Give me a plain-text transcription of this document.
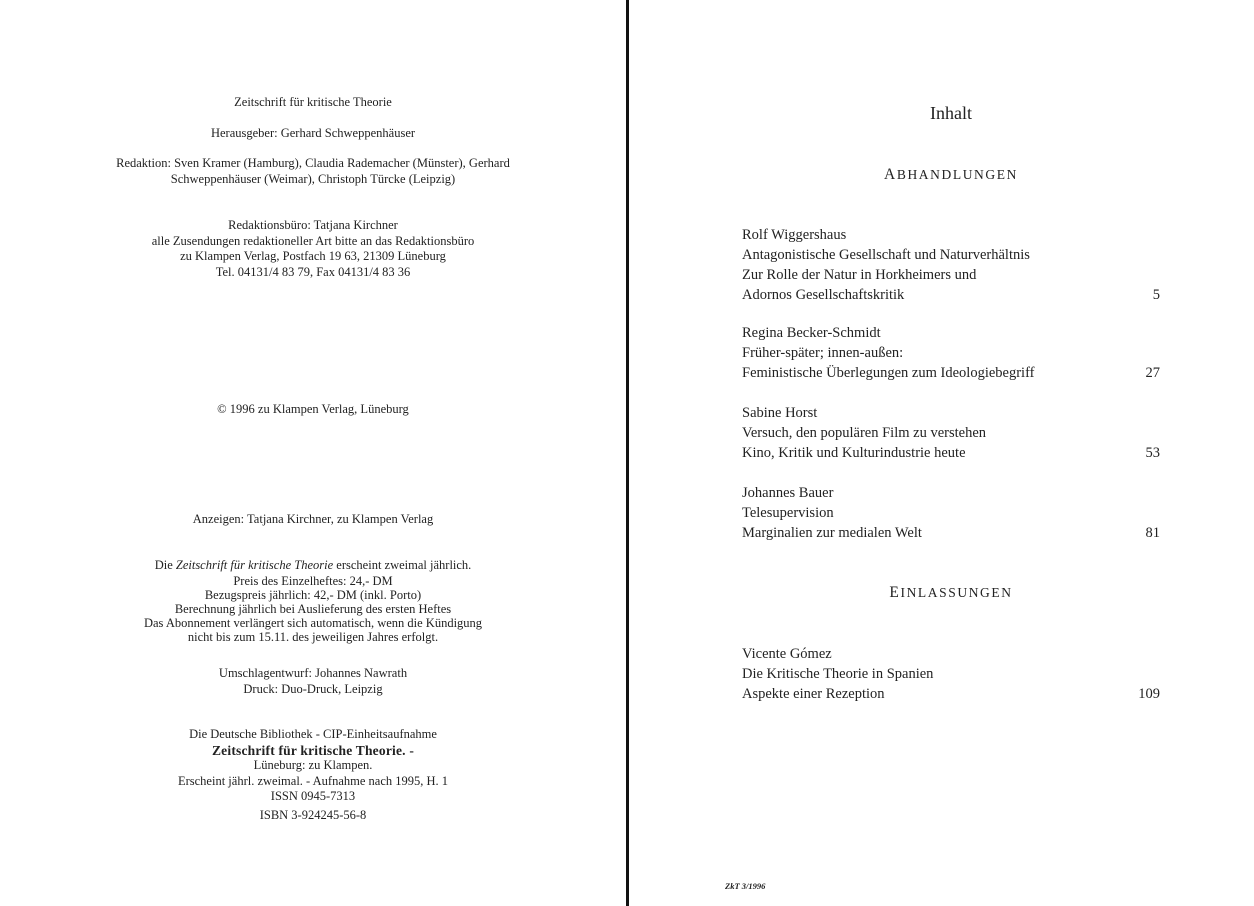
Zeitschrift für kritische Theorie
Herausgeber: Gerhard Schweppenhäuser
Redaktion: Sven Kramer (Hamburg), Claudia Rademacher (Münster), Gerhard
Schweppenhäuser (Weimar), Christoph Türcke (Leipzig)
Redaktionsbüro: Tatjana Kirchner
alle Zusendungen redaktioneller Art bitte an das Redaktionsbüro
zu Klampen Verlag, Postfach 19 63, 21309 Lüneburg
Tel. 04131/4 83 79, Fax 04131/4 83 36
© 1996 zu Klampen Verlag, Lüneburg
Anzeigen: Tatjana Kirchner, zu Klampen Verlag
Die Zeitschrift für kritische Theorie erscheint zweimal jährlich.
Preis des Einzelheftes: 24,- DM
Bezugspreis jährlich: 42,- DM (inkl. Porto)
Berechnung jährlich bei Auslieferung des ersten Heftes
Das Abonnement verlängert sich automatisch, wenn die Kündigung
nicht bis zum 15.11. des jeweiligen Jahres erfolgt.
Umschlagentwurf: Johannes Nawrath
Druck: Duo-Druck, Leipzig
Die Deutsche Bibliothek - CIP-Einheitsaufnahme
Zeitschrift für kritische Theorie. -
Lüneburg: zu Klampen.
Erscheint jährl. zweimal. - Aufnahme nach 1995, H. 1
ISSN 0945-7313
ISBN 3-924245-56-8
Inhalt
ABHANDLUNGEN
Rolf Wiggershaus
Antagonistische Gesellschaft und Naturverhältnis
Zur Rolle der Natur in Horkheimers und
Adornos Gesellschaftskritik	5
Regina Becker-Schmidt
Früher-später; innen-außen:
Feministische Überlegungen zum Ideologiebegriff	27
Sabine Horst
Versuch, den populären Film zu verstehen
Kino, Kritik und Kulturindustrie heute	53
Johannes Bauer
Telesupervision
Marginalien zur medialen Welt	81
EINLASSUNGEN
Vicente Gómez
Die Kritische Theorie in Spanien
Aspekte einer Rezeption	109
ZkT 3/1996
